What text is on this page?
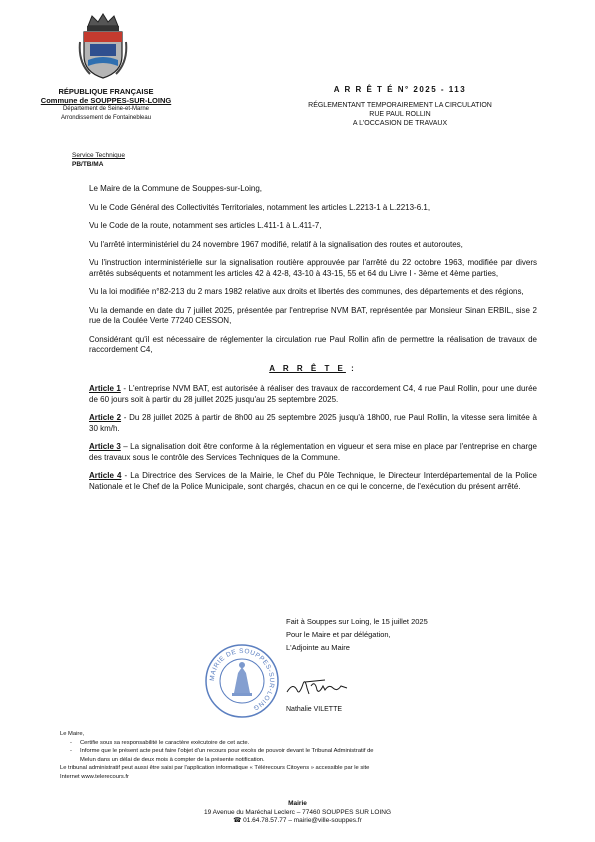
RÉPUBLIQUE FRANÇAISE
Commune de SOUPPES-SUR-LOING
Département de Seine-et-Marne
Arrondissement de Fontainebleau
A R R Ê T É N° 2025 - 113
RÉGLEMENTANT TEMPORAIREMENT LA CIRCULATION
RUE PAUL ROLLIN
A L'OCCASION DE TRAVAUX
Service Technique
PB/TB/MA

Le Maire de la Commune de Souppes-sur-Loing,

Vu le Code Général des Collectivités Territoriales, notamment les articles L.2213-1 à L.2213-6.1,

Vu le Code de la route, notamment ses articles L.411-1 à L.411-7,

Vu l'arrêté interministériel du 24 novembre 1967 modifié, relatif à la signalisation des routes et autoroutes,

Vu l'instruction interministérielle sur la signalisation routière approuvée par l'arrêté du 22 octobre 1963, modifiée par divers arrêtés subséquents et notamment les articles 42 à 42-8, 43-10 à 43-15, 55 et 64 du Livre I - 3ème et 4ème parties,

Vu la loi modifiée n°82-213 du 2 mars 1982 relative aux droits et libertés des communes, des départements et des régions,

Vu la demande en date du 7 juillet 2025, présentée par l'entreprise NVM BAT, représentée par Monsieur Sinan ERBIL, sise 2 rue de la Coulée Verte 77240 CESSON,

Considérant qu'il est nécessaire de réglementer la circulation rue Paul Rollin afin de permettre la réalisation de travaux de raccordement C4,

A R R Ê T E :

Article 1 - L'entreprise NVM BAT, est autorisée à réaliser des travaux de raccordement C4, 4 rue Paul Rollin, pour une durée de 60 jours soit à partir du 28 juillet 2025 jusqu'au 25 septembre 2025.

Article 2 - Du 28 juillet 2025 à partir de 8h00 au 25 septembre 2025 jusqu'à 18h00, rue Paul Rollin, la vitesse sera limitée à 30 km/h.

Article 3 – La signalisation doit être conforme à la réglementation en vigueur et sera mise en place par l'entreprise en charge des travaux sous le contrôle des Services Techniques de la Commune.

Article 4 - La Directrice des Services de la Mairie, le Chef du Pôle Technique, le Directeur Interdépartemental de la Police Nationale et le Chef de la Police Municipale, sont chargés, chacun en ce qui le concerne, de l'exécution du présent arrêté.

Fait à Souppes sur Loing, le 15 juillet 2025
Pour le Maire et par délégation,
L'Adjointe au Maire
MAIRIE DE SOUPPES-SUR-LOING	Nathalie VILETTE
Le Maire,
- Certifie sous sa responsabilité le caractère exécutoire de cet acte.
- Informe que le présent acte peut faire l'objet d'un recours pour excès de pouvoir devant le Tribunal Administratif de
Melun dans un délai de deux mois à compter de la présente notification.
Le tribunal administratif peut aussi être saisi par l'application informatique « Télérecours Citoyens » accessible par le site
Internet www.telerecours.fr
Mairie
19 Avenue du Maréchal Leclerc – 77460 SOUPPES SUR LOING
☎ 01.64.78.57.77 – mairie@ville-souppes.fr
